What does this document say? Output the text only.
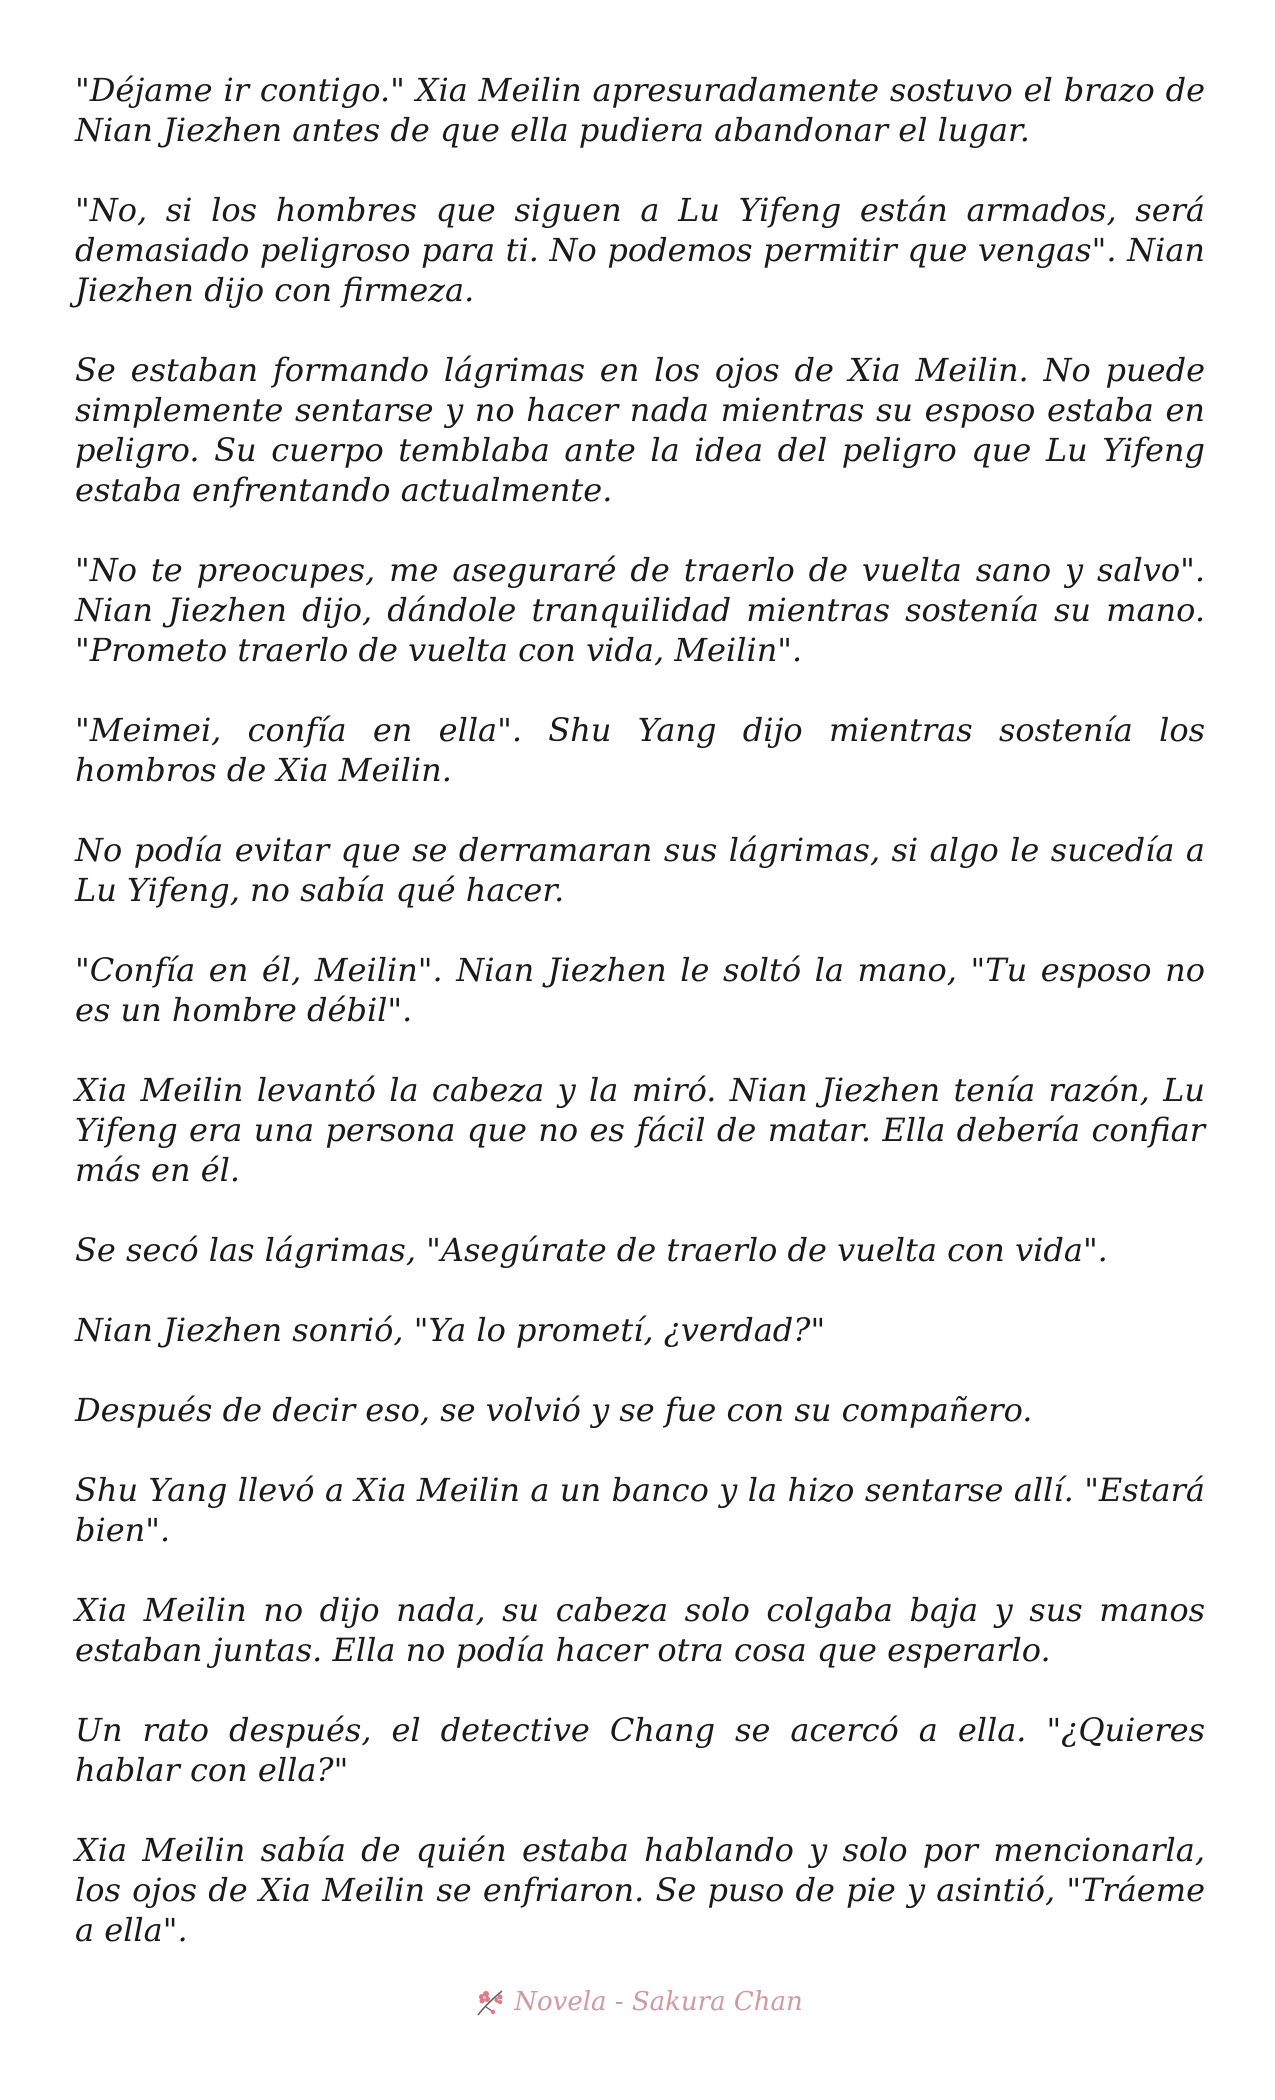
"Déjame ir contigo." Xia Meilin apresuradamente sostuvo el brazo de Nian Jiezhen antes de que ella pudiera abandonar el lugar.

"No, si los hombres que siguen a Lu Yifeng están armados, será demasiado peligroso para ti. No podemos permitir que vengas". Nian Jiezhen dijo con firmeza.

Se estaban formando lágrimas en los ojos de Xia Meilin. No puede simplemente sentarse y no hacer nada mientras su esposo estaba en peligro. Su cuerpo temblaba ante la idea del peligro que Lu Yifeng estaba enfrentando actualmente.

"No te preocupes, me aseguraré de traerlo de vuelta sano y salvo". Nian Jiezhen dijo, dándole tranquilidad mientras sostenía su mano. "Prometo traerlo de vuelta con vida, Meilin".

"Meimei, confía en ella". Shu Yang dijo mientras sostenía los hombros de Xia Meilin.

No podía evitar que se derramaran sus lágrimas, si algo le sucedía a Lu Yifeng, no sabía qué hacer.

"Confía en él, Meilin". Nian Jiezhen le soltó la mano, "Tu esposo no es un hombre débil".

Xia Meilin levantó la cabeza y la miró. Nian Jiezhen tenía razón, Lu Yifeng era una persona que no es fácil de matar. Ella debería confiar más en él.

Se secó las lágrimas, "Asegúrate de traerlo de vuelta con vida".

Nian Jiezhen sonrió, "Ya lo prometí, ¿verdad?"

Después de decir eso, se volvió y se fue con su compañero.

Shu Yang llevó a Xia Meilin a un banco y la hizo sentarse allí. "Estará bien".

Xia Meilin no dijo nada, su cabeza solo colgaba baja y sus manos estaban juntas. Ella no podía hacer otra cosa que esperarlo.

Un rato después, el detective Chang se acercó a ella. "¿Quieres hablar con ella?"

Xia Meilin sabía de quién estaba hablando y solo por mencionarla, los ojos de Xia Meilin se enfriaron. Se puso de pie y asintió, "Tráeme a ella".

Novela - Sakura Chan
